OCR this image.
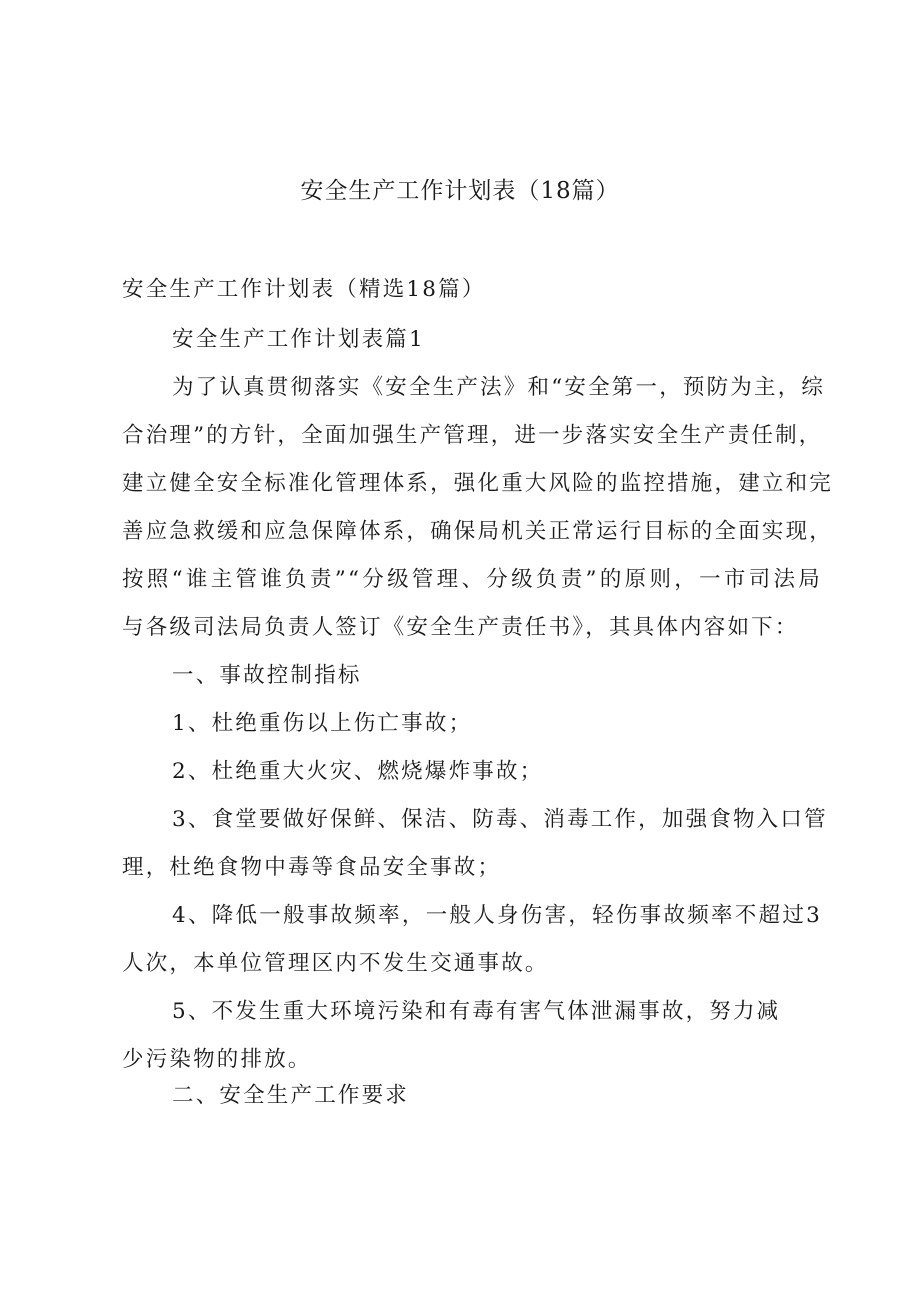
安全生产工作计划表（18篇）
安全生产工作计划表（精选18篇）
安全生产工作计划表篇1
为了认真贯彻落实《安全生产法》和“安全第一，预防为主，综
合治理”的方针，全面加强生产管理，进一步落实安全生产责任制，
建立健全安全标准化管理体系，强化重大风险的监控措施，建立和完
善应急救缓和应急保障体系，确保局机关正常运行目标的全面实现，
按照“谁主管谁负责”“分级管理、分级负责”的原则，一市司法局
与各级司法局负责人签订《安全生产责任书》，其具体内容如下：
一、事故控制指标
1、杜绝重伤以上伤亡事故；
2、杜绝重大火灾、燃烧爆炸事故；
3、食堂要做好保鲜、保洁、防毒、消毒工作，加强食物入口管
理，杜绝食物中毒等食品安全事故；
4、降低一般事故频率，一般人身伤害，轻伤事故频率不超过3
人次，本单位管理区内不发生交通事故。
5、不发生重大环境污染和有毒有害气体泄漏事故，努力减
少污染物的排放。
二、安全生产工作要求
